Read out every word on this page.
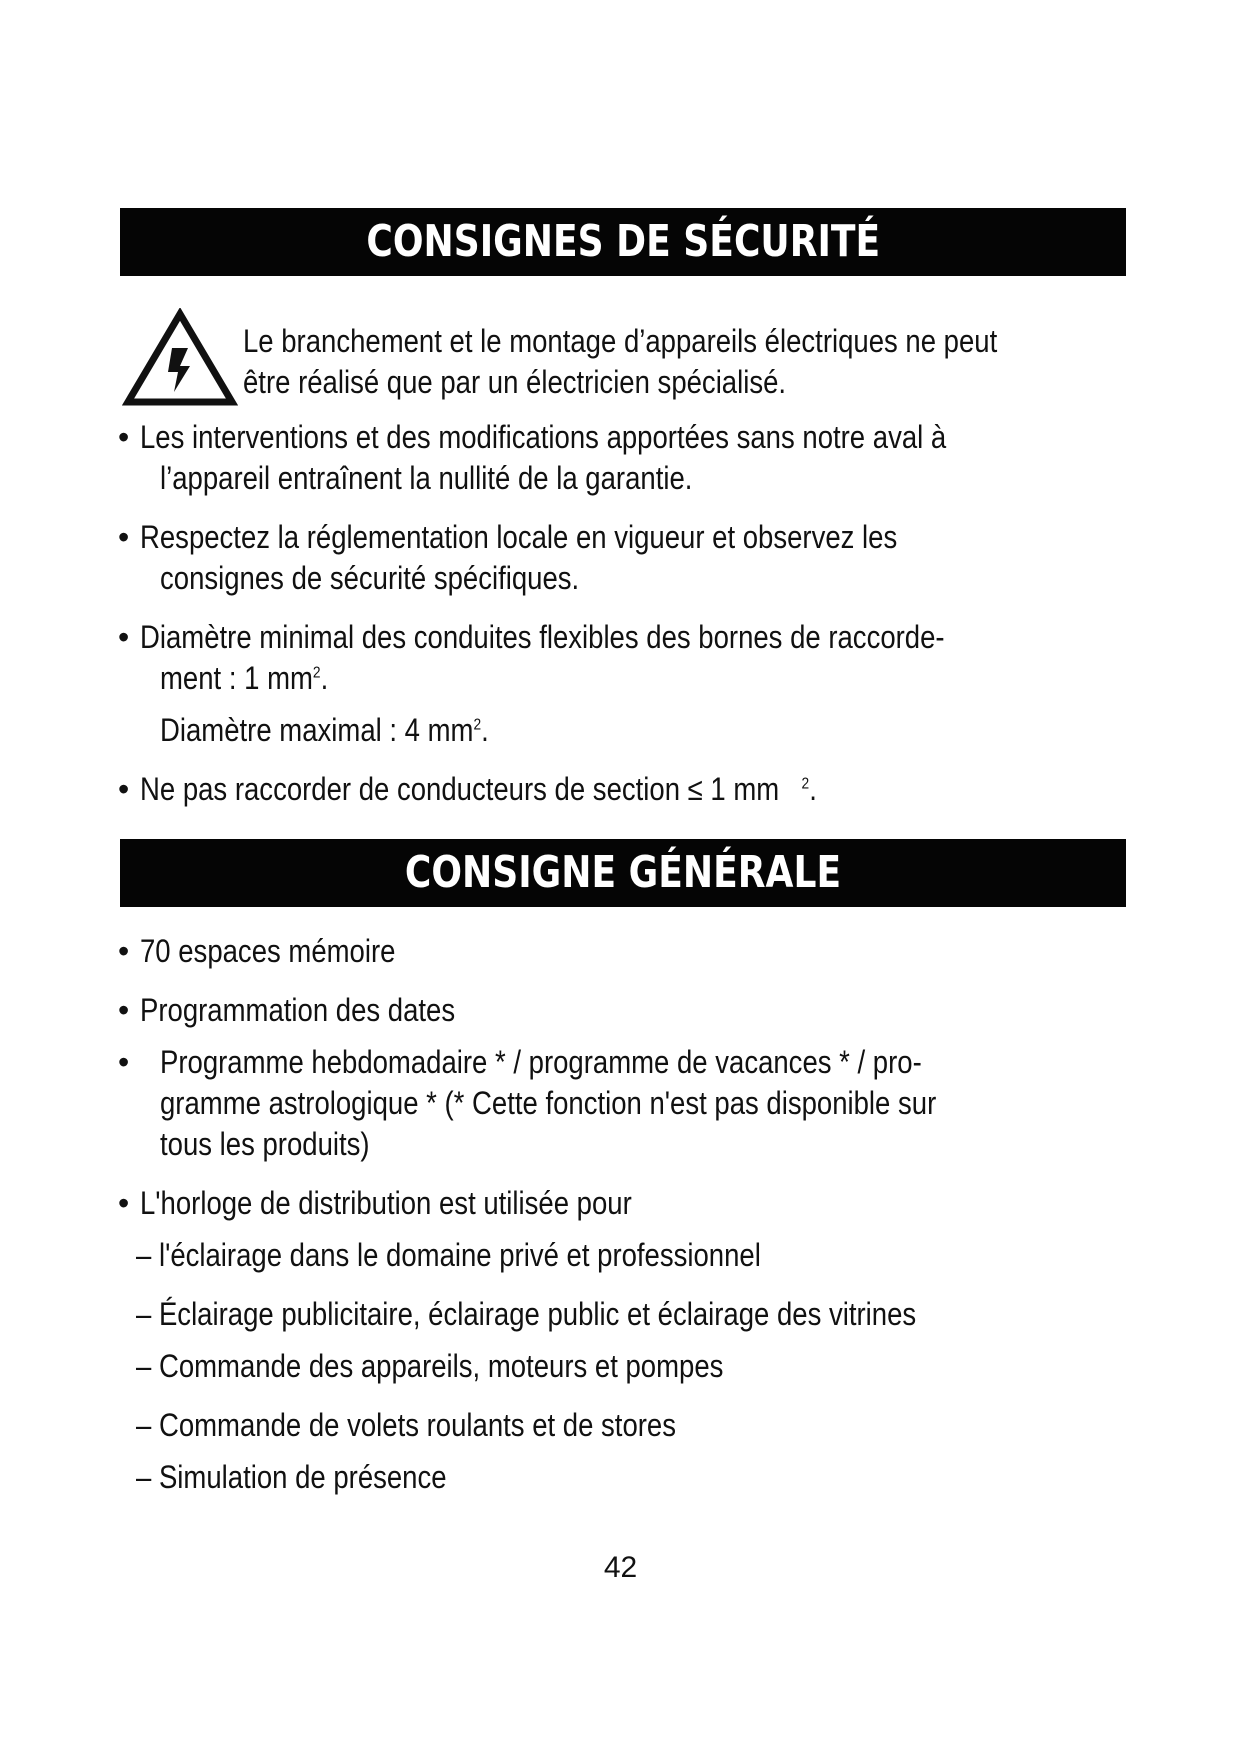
CONSIGNES DE SÉCURITÉ
Le branchement et le montage d’appareils électriques ne peut
être réalisé que par un électricien spécialisé.
• Les interventions et des modifications apportées sans notre aval à
l’appareil entraînent la nullité de la garantie.
• Respectez la réglementation locale en vigueur et observez les
consignes de sécurité spécifiques.
• Diamètre minimal des conduites flexibles des bornes de raccorde-
ment : 1 $mm^2$.
Diamètre maximal : 4 $mm^2$.
• Ne pas raccorder de conducteurs de section ≤ 1 mm $^2$.
CONSIGNE GÉNÉRALE
• 70 espaces mémoire
• Programmation des dates
• Programme hebdomadaire * / programme de vacances * / pro-
gramme astrologique * (* Cette fonction n'est pas disponible sur
tous les produits)
• L'horloge de distribution est utilisée pour
– l'éclairage dans le domaine privé et professionnel
– Éclairage publicitaire, éclairage public et éclairage des vitrines
– Commande des appareils, moteurs et pompes
– Commande de volets roulants et de stores
– Simulation de présence
42
